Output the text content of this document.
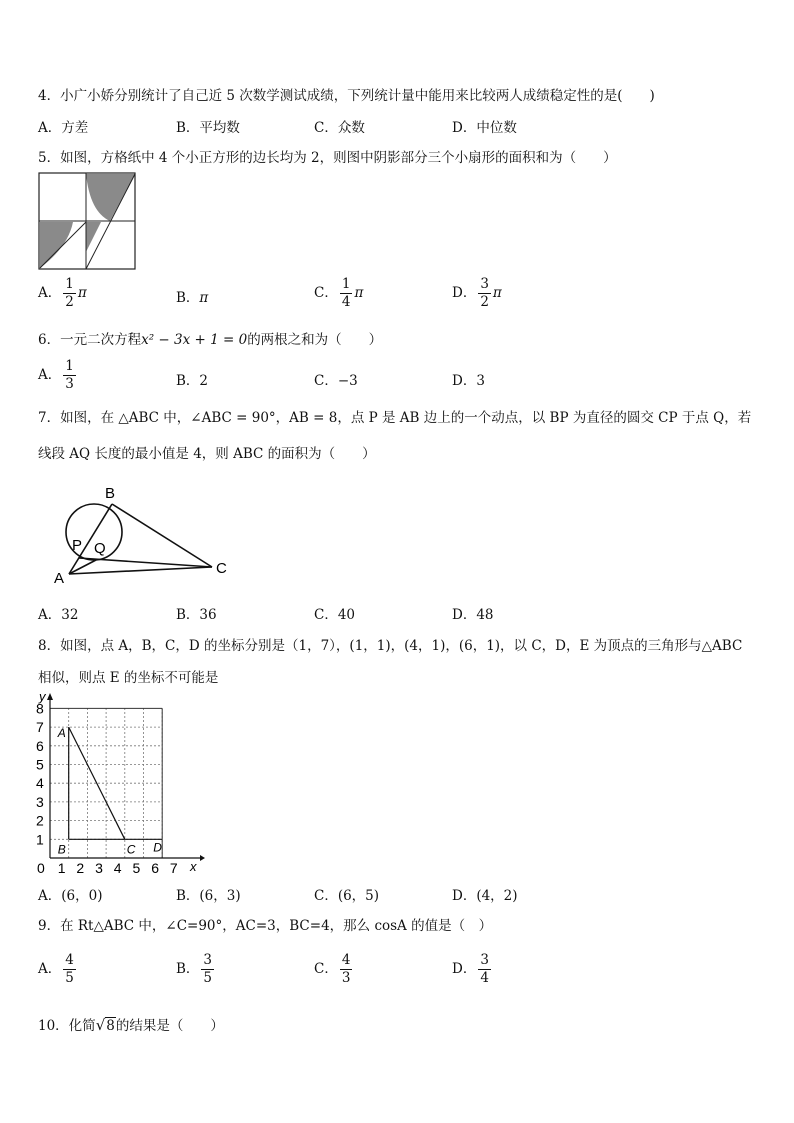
4．小广小娇分别统计了自己近 5 次数学测试成绩，下列统计量中能用来比较两人成绩稳定性的是(　　)
A．方差	B．平均数	C．众数	D．中位数
5．如图，方格纸中 4 个小正方形的边长均为 2，则图中阴影部分三个小扇形的面积和为（　　）
A． $\frac{1}{2}$ π	B．π	C． $\frac{1}{4}$ π	D． $\frac{3}{2}$ π
6．一元二次方程x² − 3x + 1 = 0的两根之和为（　　）
A． $\frac{1}{3}$	B．2	C．−3	D．3
7．如图，在 △ABC 中，∠ABC = 90°，AB = 8，点 P 是 AB 边上的一个动点，以 BP 为直径的圆交 CP 于点 Q，若
线段 AQ 长度的最小值是 4，则 ABC 的面积为（　　）
B
P Q
A
C
A．32	B．36	C．40	D．48
8．如图，点 A，B，C，D 的坐标分别是（1，7），(1，1)，(4，1)，(6，1)，以 C，D，E 为顶点的三角形与△ABC
相似，则点 E 的坐标不可能是
y
x
8
7
6
5
4
3
2
1
0 1 2 3 4 5 6 7
A
B	C D
A．(6，0)	B．(6，3)	C．(6，5)	D．(4，2)
9．在 Rt△ABC 中，∠C=90°，AC=3，BC=4，那么 cosA 的值是（　）
A． $\frac{4}{5}$	B． $\frac{3}{5}$	C． $\frac{4}{3}$	D． $\frac{3}{4}$
10．化简√8的结果是（　　）
